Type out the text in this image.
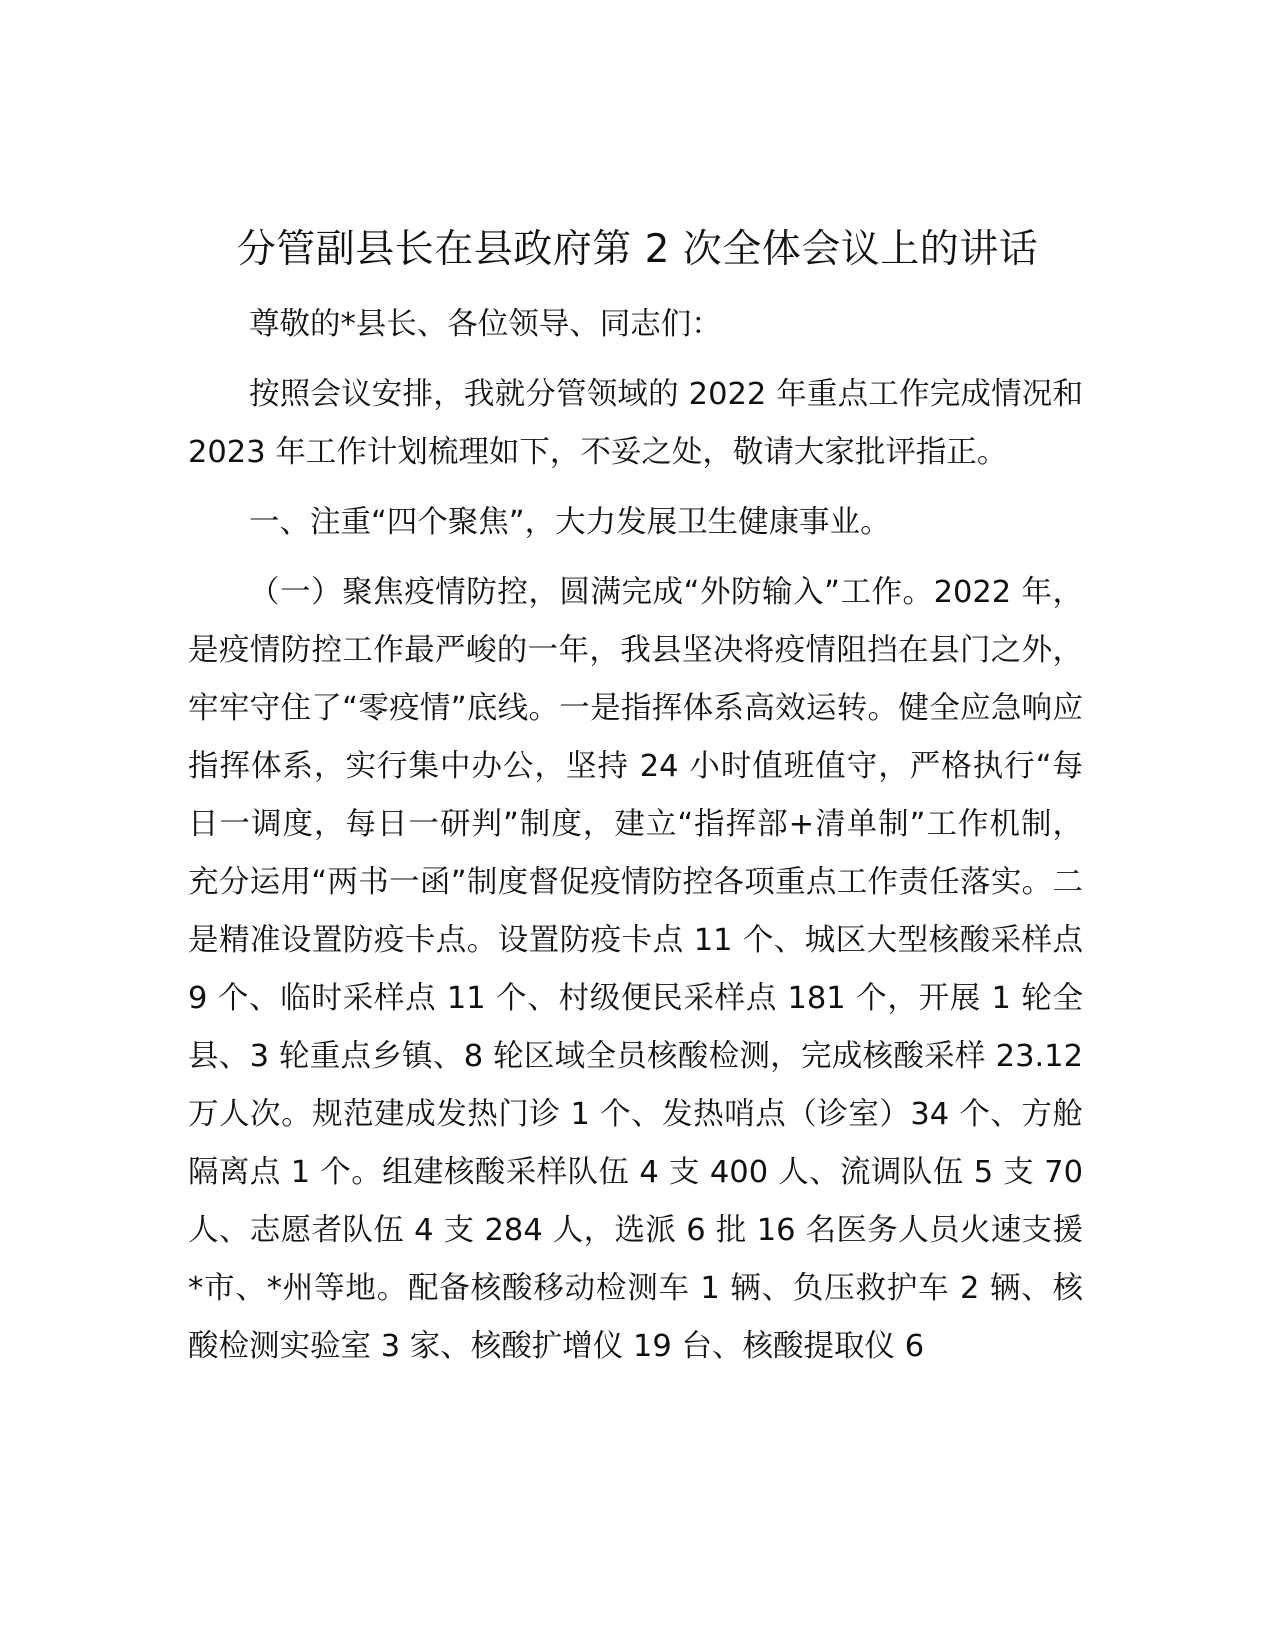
分管副县长在县政府第 2 次全体会议上的讲话

尊敬的*县长、各位领导、同志们：

按照会议安排，我就分管领域的 2022 年重点工作完成情况和 2023 年工作计划梳理如下，不妥之处，敬请大家批评指正。

一、注重“四个聚焦”，大力发展卫生健康事业。

（一）聚焦疫情防控，圆满完成“外防输入”工作。2022 年，是疫情防控工作最严峻的一年，我县坚决将疫情阻挡在县门之外，牢牢守住了“零疫情”底线。一是指挥体系高效运转。健全应急响应指挥体系，实行集中办公，坚持 24 小时值班值守，严格执行“每日一调度，每日一研判”制度，建立“指挥部+清单制”工作机制，充分运用“两书一函”制度督促疫情防控各项重点工作责任落实。二是精准设置防疫卡点。设置防疫卡点 11 个、城区大型核酸采样点 9 个、临时采样点 11 个、村级便民采样点 181 个，开展 1 轮全县、3 轮重点乡镇、8 轮区域全员核酸检测，完成核酸采样 23.12 万人次。规范建成发热门诊 1 个、发热哨点（诊室）34 个、方舱隔离点 1 个。组建核酸采样队伍 4 支 400 人、流调队伍 5 支 70 人、志愿者队伍 4 支 284 人，选派 6 批 16 名医务人员火速支援*市、*州等地。配备核酸移动检测车 1 辆、负压救护车 2 辆、核酸检测实验室 3 家、核酸扩增仪 19 台、核酸提取仪 6
